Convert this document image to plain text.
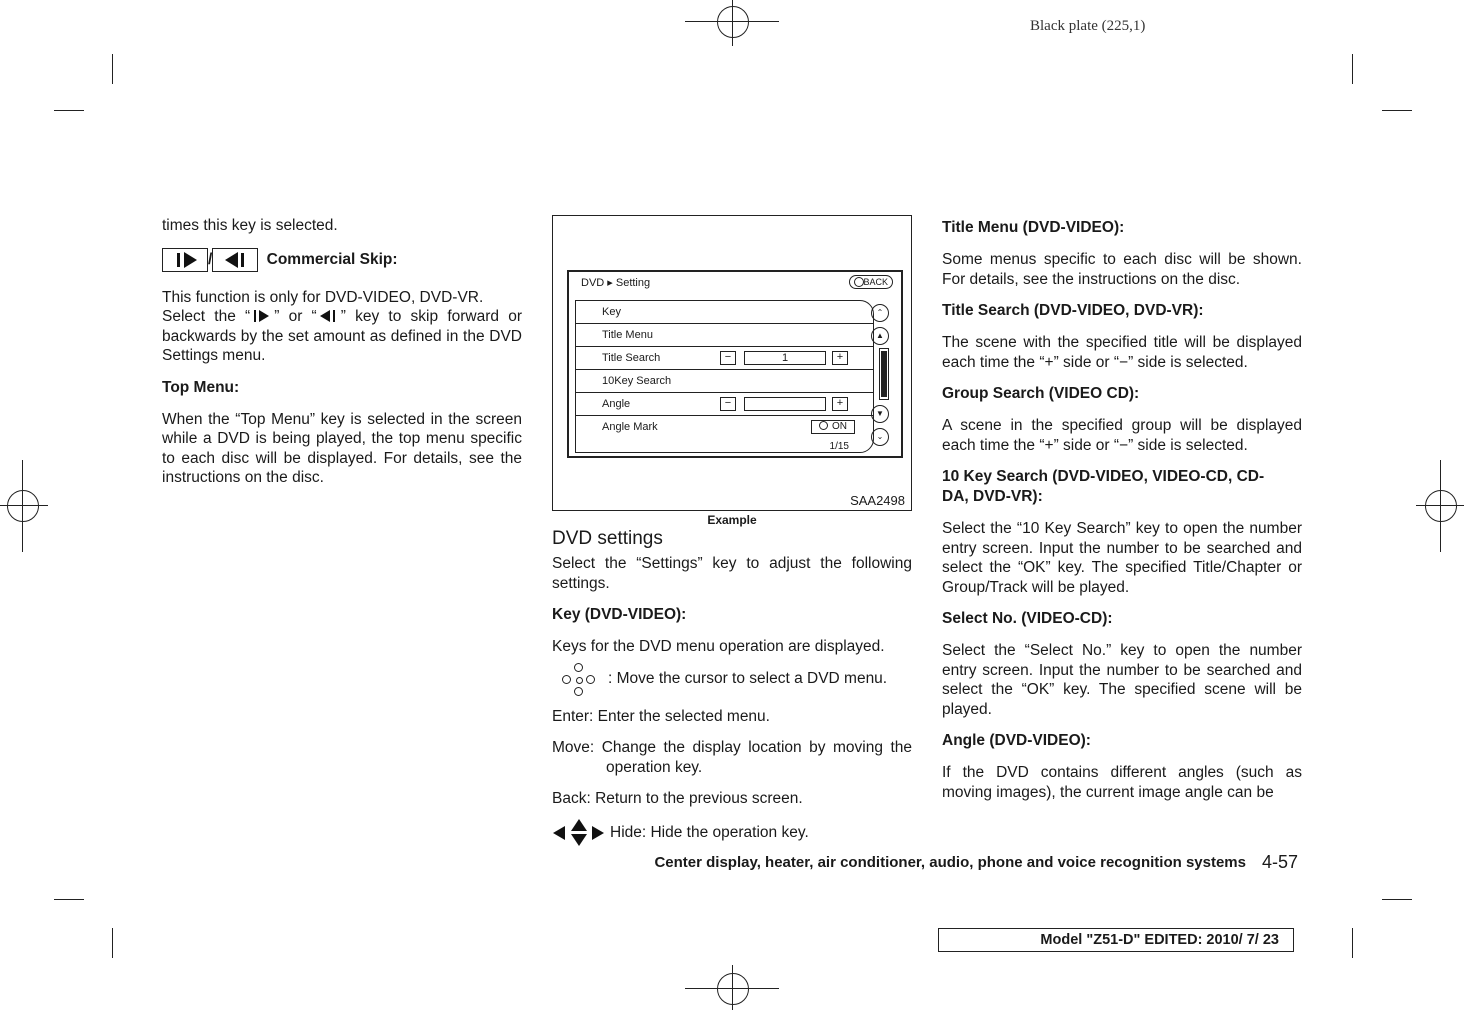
Black plate (225,1)

times this key is selected.

/	Commercial Skip:

This function is only for DVD-VIDEO, DVD-VR.

Select the “ ” or “ ” key to skip forward or backwards by the set amount as defined in the DVD Settings menu.

Top Menu:

When the “Top Menu” key is selected in the screen while a DVD is being played, the top menu specific to each disc will be displayed. For details, see the instructions on the disc.

DVD ▸ Setting	BACK
Key
Title Menu
Title Search	−	1	+
10Key Search
Angle	−	+
Angle Mark	ON
⌃
▲
▼
⌄
1/15
SAA2498
Example
DVD settings

Select the “Settings” key to adjust the following settings.

Key (DVD-VIDEO):

Keys for the DVD menu operation are displayed.

: Move the cursor to select a DVD menu.

Enter: Enter the selected menu.

Move: Change the display location by moving the operation key.

Back: Return to the previous screen.

Hide: Hide the operation key.
Title Menu (DVD-VIDEO):

Some menus specific to each disc will be shown. For details, see the instructions on the disc.

Title Search (DVD-VIDEO, DVD-VR):

The scene with the specified title will be displayed each time the “+” side or “−” side is selected.

Group Search (VIDEO CD):

A scene in the specified group will be displayed each time the “+” side or “−” side is selected.

10 Key Search (DVD-VIDEO, VIDEO-CD, CD-DA, DVD-VR):

Select the “10 Key Search” key to open the number entry screen. Input the number to be searched and select the “OK” key. The specified Title/Chapter or Group/Track will be played.

Select No. (VIDEO-CD):

Select the “Select No.” key to open the number entry screen. Input the number to be searched and select the “OK” key. The specified scene will be played.

Angle (DVD-VIDEO):

If the DVD contains different angles (such as moving images), the current image angle can be

Center display, heater, air conditioner, audio, phone and voice recognition systems 4-57
Model "Z51-D" EDITED: 2010/ 7/ 23
